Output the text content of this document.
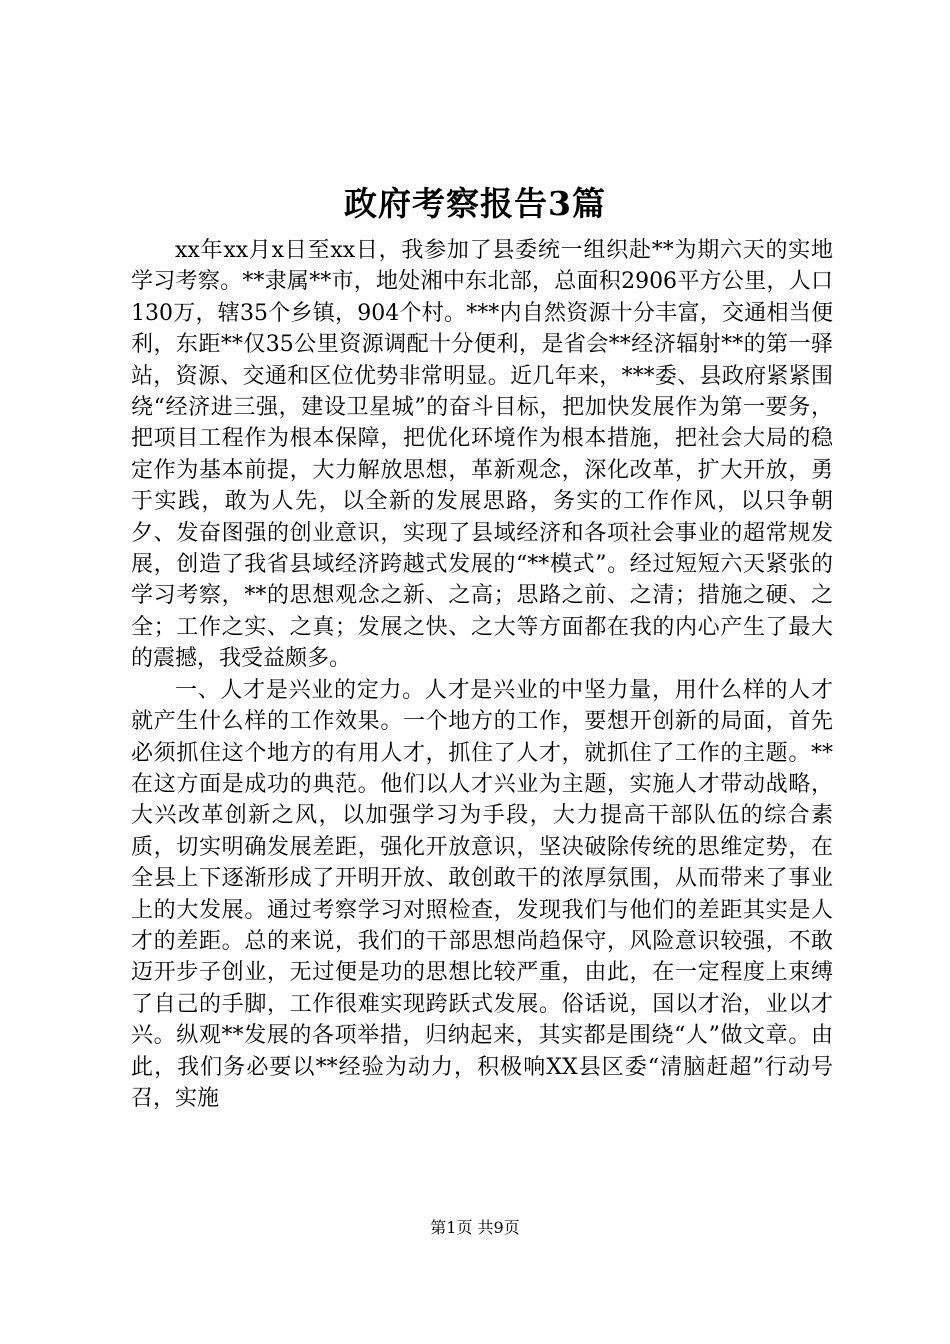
政府考察报告3篇

xx年xx月x日至xx日，我参加了县委统一组织赴**为期六天的实地学习考察。**隶属**市，地处湘中东北部，总面积2906平方公里，人口130万，辖35个乡镇，904个村。***内自然资源十分丰富，交通相当便利，东距**仅35公里资源调配十分便利，是省会**经济辐射**的第一驿站，资源、交通和区位优势非常明显。近几年来，***委、县政府紧紧围绕“经济进三强，建设卫星城”的奋斗目标，把加快发展作为第一要务，把项目工程作为根本保障，把优化环境作为根本措施，把社会大局的稳定作为基本前提，大力解放思想，革新观念，深化改革，扩大开放，勇于实践，敢为人先，以全新的发展思路，务实的工作作风，以只争朝夕、发奋图强的创业意识，实现了县域经济和各项社会事业的超常规发展，创造了我省县域经济跨越式发展的“**模式”。经过短短六天紧张的学习考察，**的思想观念之新、之高；思路之前、之清；措施之硬、之全；工作之实、之真；发展之快、之大等方面都在我的内心产生了最大的震撼，我受益颇多。

一、人才是兴业的定力。人才是兴业的中坚力量，用什么样的人才就产生什么样的工作效果。一个地方的工作，要想开创新的局面，首先必须抓住这个地方的有用人才，抓住了人才，就抓住了工作的主题。**在这方面是成功的典范。他们以人才兴业为主题，实施人才带动战略，大兴改革创新之风，以加强学习为手段，大力提高干部队伍的综合素质，切实明确发展差距，强化开放意识，坚决破除传统的思维定势，在全县上下逐渐形成了开明开放、敢创敢干的浓厚氛围，从而带来了事业上的大发展。通过考察学习对照检查，发现我们与他们的差距其实是人才的差距。总的来说，我们的干部思想尚趋保守，风险意识较强，不敢迈开步子创业，无过便是功的思想比较严重，由此，在一定程度上束缚了自己的手脚，工作很难实现跨跃式发展。俗话说，国以才治，业以才兴。纵观**发展的各项举措，归纳起来，其实都是围绕“人”做文章。由此，我们务必要以**经验为动力，积极响XX县区委“清脑赶超”行动号召，实施

第1页 共9页
